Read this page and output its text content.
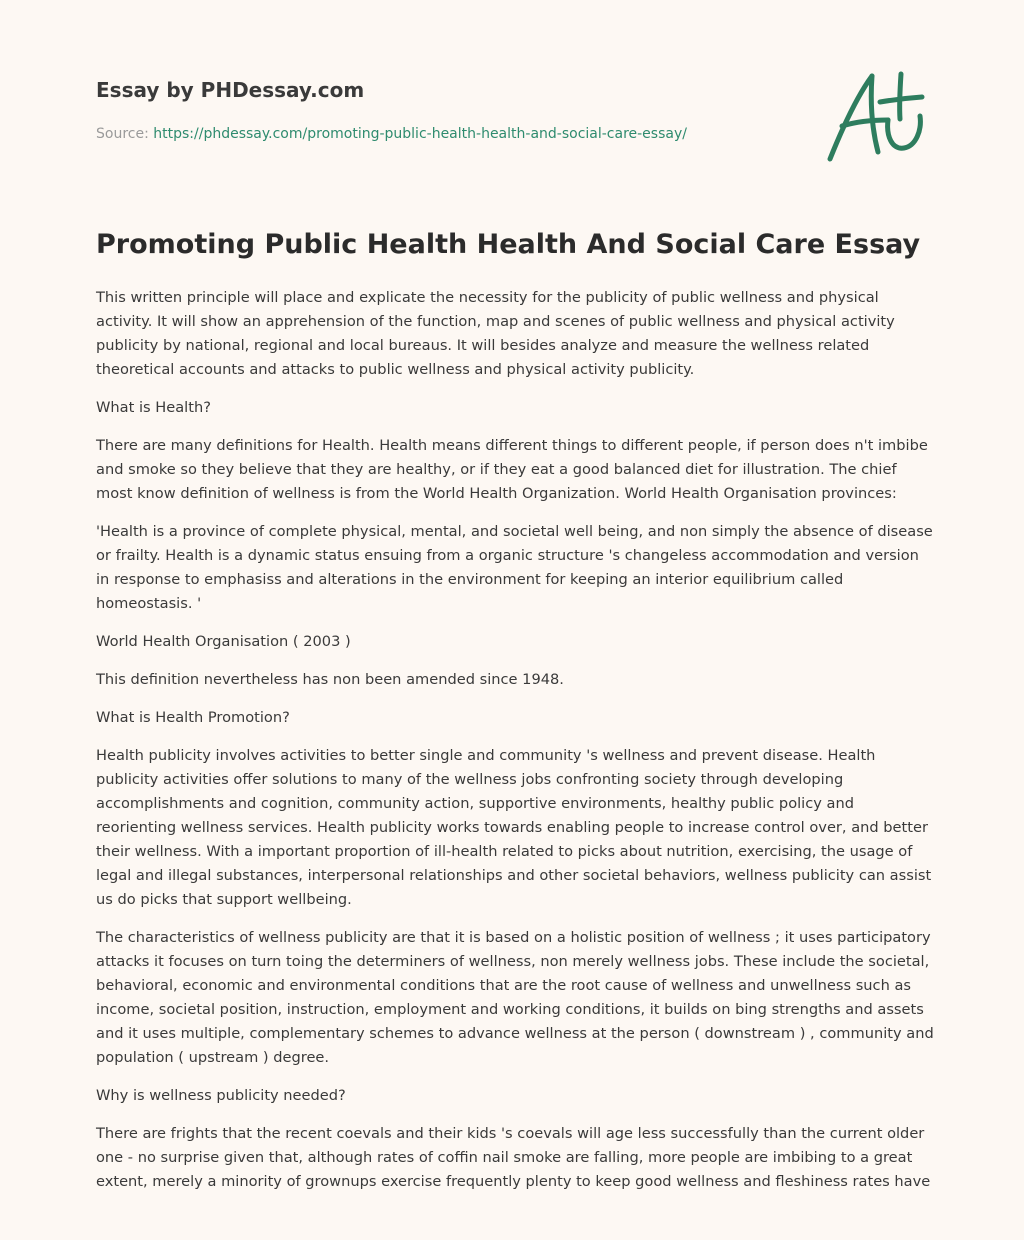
Essay by PHDessay.com
Source: https://phdessay.com/promoting-public-health-health-and-social-care-essay/
Promoting Public Health Health And Social Care Essay

This written principle will place and explicate the necessity for the publicity of public wellness and physical activity. It will show an apprehension of the function, map and scenes of public wellness and physical activity publicity by national, regional and local bureaus. It will besides analyze and measure the wellness related theoretical accounts and attacks to public wellness and physical activity publicity.

What is Health?

There are many definitions for Health. Health means different things to different people, if person does n't imbibe and smoke so they believe that they are healthy, or if they eat a good balanced diet for illustration. The chief most know definition of wellness is from the World Health Organization. World Health Organisation provinces:

'Health is a province of complete physical, mental, and societal well being, and non simply the absence of disease or frailty. Health is a dynamic status ensuing from a organic structure 's changeless accommodation and version in response to emphasiss and alterations in the environment for keeping an interior equilibrium called homeostasis. '

World Health Organisation ( 2003 )

This definition nevertheless has non been amended since 1948.

What is Health Promotion?

Health publicity involves activities to better single and community 's wellness and prevent disease. Health publicity activities offer solutions to many of the wellness jobs confronting society through developing accomplishments and cognition, community action, supportive environments, healthy public policy and reorienting wellness services. Health publicity works towards enabling people to increase control over, and better their wellness. With a important proportion of ill-health related to picks about nutrition, exercising, the usage of legal and illegal substances, interpersonal relationships and other societal behaviors, wellness publicity can assist us do picks that support wellbeing.

The characteristics of wellness publicity are that it is based on a holistic position of wellness ; it uses participatory attacks it focuses on turn toing the determiners of wellness, non merely wellness jobs. These include the societal, behavioral, economic and environmental conditions that are the root cause of wellness and unwellness such as income, societal position, instruction, employment and working conditions, it builds on bing strengths and assets and it uses multiple, complementary schemes to advance wellness at the person ( downstream ) , community and population ( upstream ) degree.

Why is wellness publicity needed?

There are frights that the recent coevals and their kids 's coevals will age less successfully than the current older one - no surprise given that, although rates of coffin nail smoke are falling, more people are imbibing to a great extent, merely a minority of grownups exercise frequently plenty to keep good wellness and fleshiness rates have
